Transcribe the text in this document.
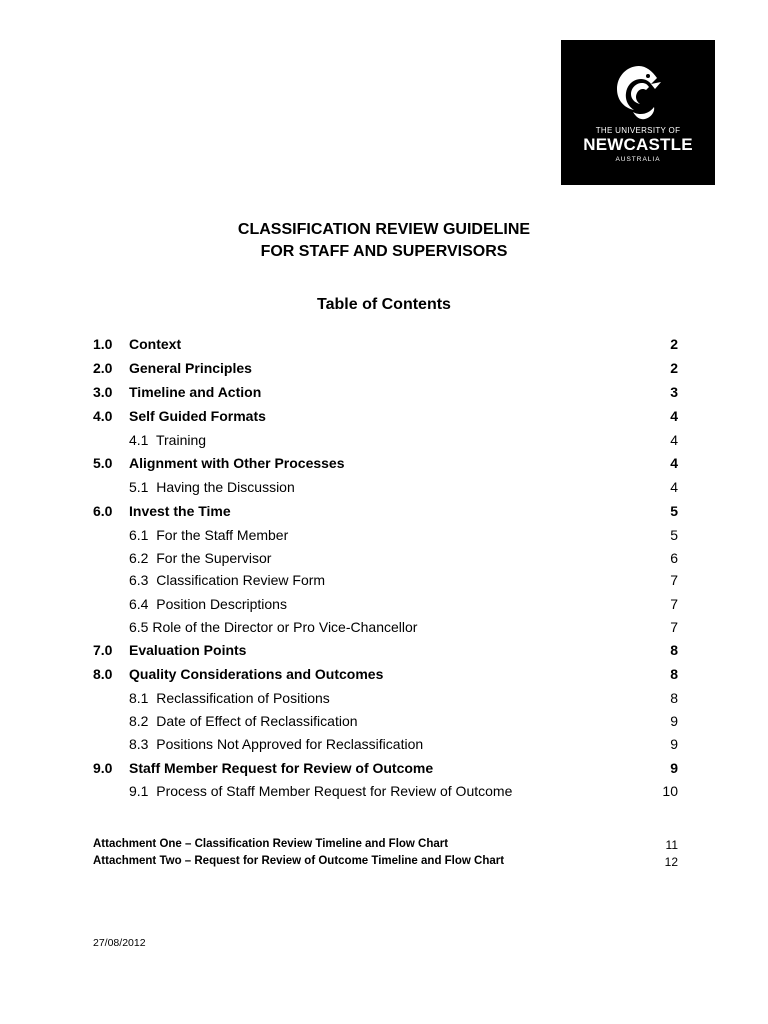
THE UNIVERSITY OF
NEWCASTLE
AUSTRALIA
CLASSIFICATION REVIEW GUIDELINE
FOR STAFF AND SUPERVISORS
Table of Contents
1.0 Context	2
2.0 General Principles	2
3.0 Timeline and Action	3
4.0 Self Guided Formats	4
4.1  Training	4
5.0 Alignment with Other Processes	4
5.1  Having the Discussion	4
6.0 Invest the Time	5
6.1  For the Staff Member	5
6.2  For the Supervisor	6
6.3  Classification Review Form	7
6.4  Position Descriptions	7
6.5 Role of the Director or Pro Vice-Chancellor	7
7.0 Evaluation Points	8
8.0 Quality Considerations and Outcomes	8
8.1  Reclassification of Positions	8
8.2  Date of Effect of Reclassification	9
8.3  Positions Not Approved for Reclassification	9
9.0 Staff Member Request for Review of Outcome	9
9.1  Process of Staff Member Request for Review of Outcome	10
Attachment One – Classification Review Timeline and Flow Chart	11
Attachment Two – Request for Review of Outcome Timeline and Flow Chart	12
27/08/2012
